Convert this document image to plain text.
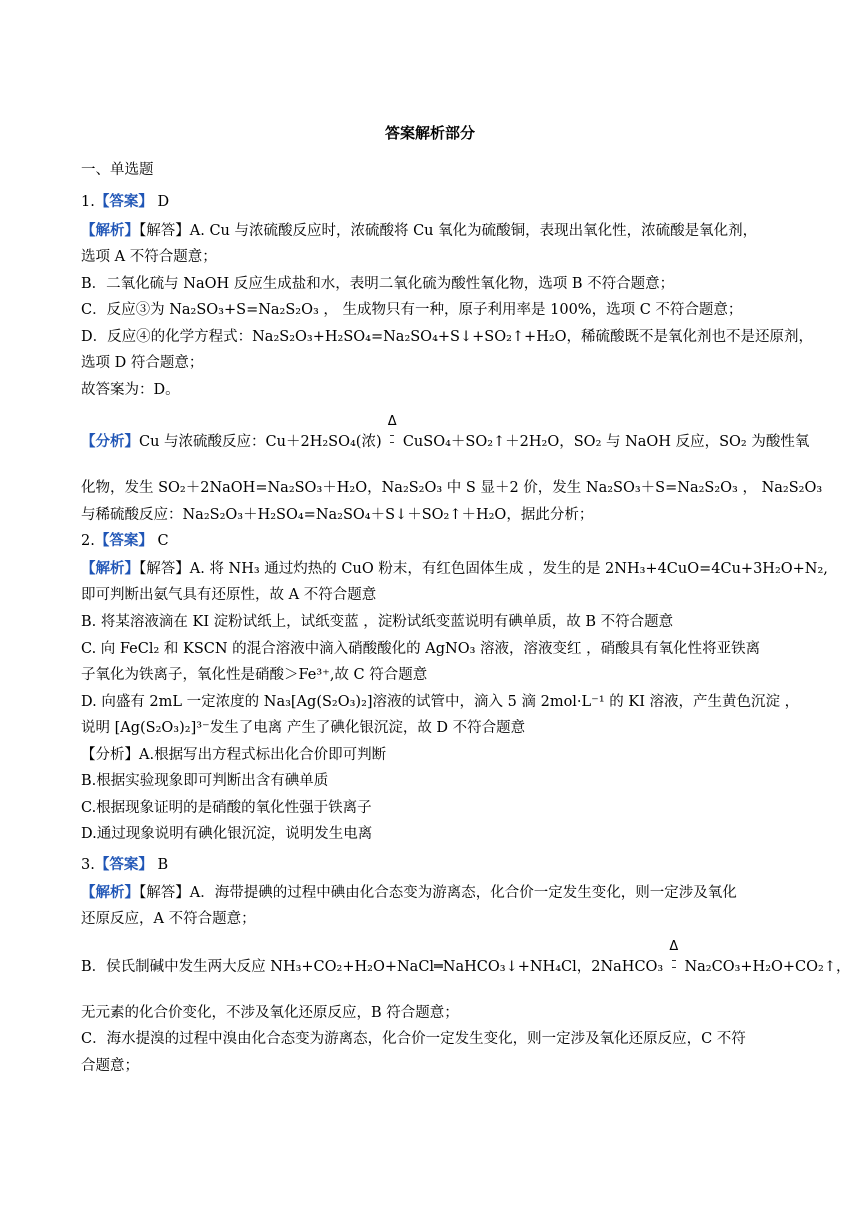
答案解析部分
一、单选题
1.【答案】 D
【解析】【解答】A. Cu 与浓硫酸反应时，浓硫酸将 Cu 氧化为硫酸铜，表现出氧化性，浓硫酸是氧化剂，
选项 A 不符合题意；
B．二氧化硫与 NaOH 反应生成盐和水，表明二氧化硫为酸性氧化物，选项 B 不符合题意；
C．反应③为 Na₂SO₃+S=Na₂S₂O₃ ， 生成物只有一种，原子利用率是 100%，选项 C 不符合题意；
D．反应④的化学方程式：Na₂S₂O₃+H₂SO₄=Na₂SO₄+S↓+SO₂↑+H₂O，稀硫酸既不是氧化剂也不是还原剂，
选项 D 符合题意；
故答案为：D。
【分析】Cu 与浓硫酸反应：Cu＋2H₂SO₄(浓)
Δ
CuSO₄＋SO₂↑＋2H₂O，SO₂ 与 NaOH 反应，SO₂ 为酸性氧
化物，发生 SO₂＋2NaOH=Na₂SO₃＋H₂O，Na₂S₂O₃ 中 S 显＋2 价，发生 Na₂SO₃＋S=Na₂S₂O₃ ， Na₂S₂O₃
与稀硫酸反应：Na₂S₂O₃＋H₂SO₄=Na₂SO₄＋S↓＋SO₂↑＋H₂O，据此分析；
2.【答案】 C
【解析】【解答】A. 将 NH₃ 通过灼热的 CuO 粉末，有红色固体生成 ，发生的是 2NH₃+4CuO=4Cu+3H₂O+N₂,
即可判断出氨气具有还原性，故 A 不符合题意
B. 将某溶液滴在 KI 淀粉试纸上，试纸变蓝 ，淀粉试纸变蓝说明有碘单质，故 B 不符合题意
C. 向 FeCl₂ 和 KSCN 的混合溶液中滴入硝酸酸化的 AgNO₃ 溶液，溶液变红 ，硝酸具有氧化性将亚铁离
子氧化为铁离子，氧化性是硝酸＞Fe³⁺,故 C 符合题意
D. 向盛有 2mL 一定浓度的 Na₃[Ag(S₂O₃)₂]溶液的试管中，滴入 5 滴 2mol·L⁻¹ 的 KI 溶液，产生黄色沉淀 ，
说明 [Ag(S₂O₃)₂]³⁻发生了电离 产生了碘化银沉淀，故 D 不符合题意
【分析】A.根据写出方程式标出化合价即可判断
B.根据实验现象即可判断出含有碘单质
C.根据现象证明的是硝酸的氧化性强于铁离子
D.通过现象说明有碘化银沉淀，说明发生电离
3.【答案】 B
【解析】【解答】A．海带提碘的过程中碘由化合态变为游离态，化合价一定发生变化，则一定涉及氧化
还原反应，A 不符合题意；
B．侯氏制碱中发生两大反应 NH₃+CO₂+H₂O+NaCl═NaHCO₃↓+NH₄Cl，2NaHCO₃
Δ
Na₂CO₃+H₂O+CO₂↑，
无元素的化合价变化，不涉及氧化还原反应，B 符合题意；
C．海水提溴的过程中溴由化合态变为游离态，化合价一定发生变化，则一定涉及氧化还原反应，C 不符
合题意；
